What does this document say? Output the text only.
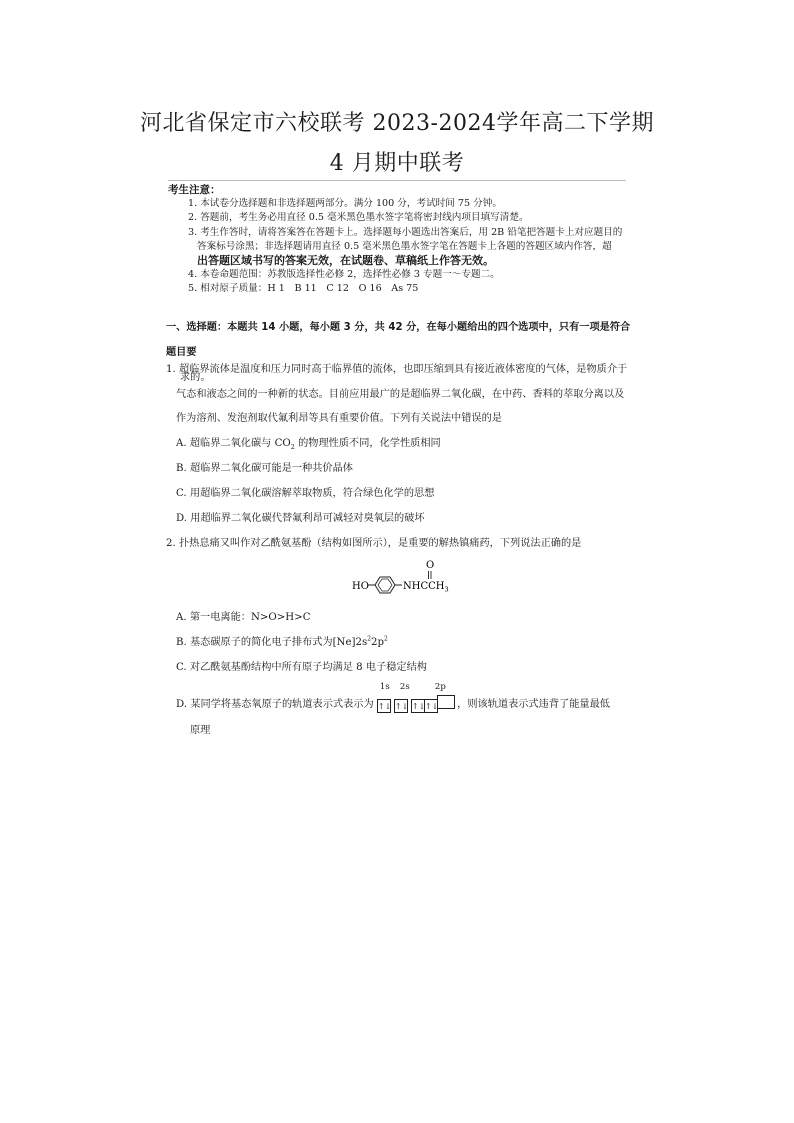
河北省保定市六校联考 2023-2024学年高二下学期
4 月期中联考
考生注意：
1. 本试卷分选择题和非选择题两部分。满分 100 分，考试时间 75 分钟。
2. 答题前，考生务必用直径 0.5 毫米黑色墨水签字笔将密封线内项目填写清楚。
3. 考生作答时，请将答案答在答题卡上。选择题每小题选出答案后，用 2B 铅笔把答题卡上对应题目的
答案标号涂黑；非选择题请用直径 0.5 毫米黑色墨水签字笔在答题卡上各题的答题区域内作答，超
出答题区域书写的答案无效，在试题卷、草稿纸上作答无效。
4. 本卷命题范围：苏教版选择性必修 2，选择性必修 3 专题一～专题二。
5. 相对原子质量：H 1　B 11　C 12　O 16　As 75
一、选择题：本题共 14 小题，每小题 3 分，共 42 分，在每小题给出的四个选项中，只有一项是符合题目要
求的。
1. 超临界流体是温度和压力同时高于临界值的流体，也即压缩到具有接近液体密度的气体，是物质介于
气态和液态之间的一种新的状态。目前应用最广的是超临界二氧化碳，在中药、香料的萃取分离以及
作为溶剂、发泡剂取代氟利昂等具有重要价值。下列有关说法中错误的是
A. 超临界二氧化碳与 $CO_2$ 的物理性质不同，化学性质相同
B. 超临界二氧化碳可能是一种共价晶体
C. 用超临界二氧化碳溶解萃取物质，符合绿色化学的思想
D. 用超临界二氧化碳代替氟利昂可减轻对臭氧层的破坏
2. 扑热息痛又叫作对乙酰氨基酚（结构如图所示），是重要的解热镇痛药，下列说法正确的是
HO	$NHCCH_3$
O
A. 第一电离能：N>O>H>C
B. 基态碳原子的简化电子排布式为$[Ne]2s^22p^2$
C. 对乙酰氨基酚结构中所有原子均满足 8 电子稳定结构
D. 某同学将基态氧原子的轨道表示式表示为
1s 2s	2p
↑↓ ↑↓ ↑↓↑↓ ，则该轨道表示式违背了能量最低
原理
